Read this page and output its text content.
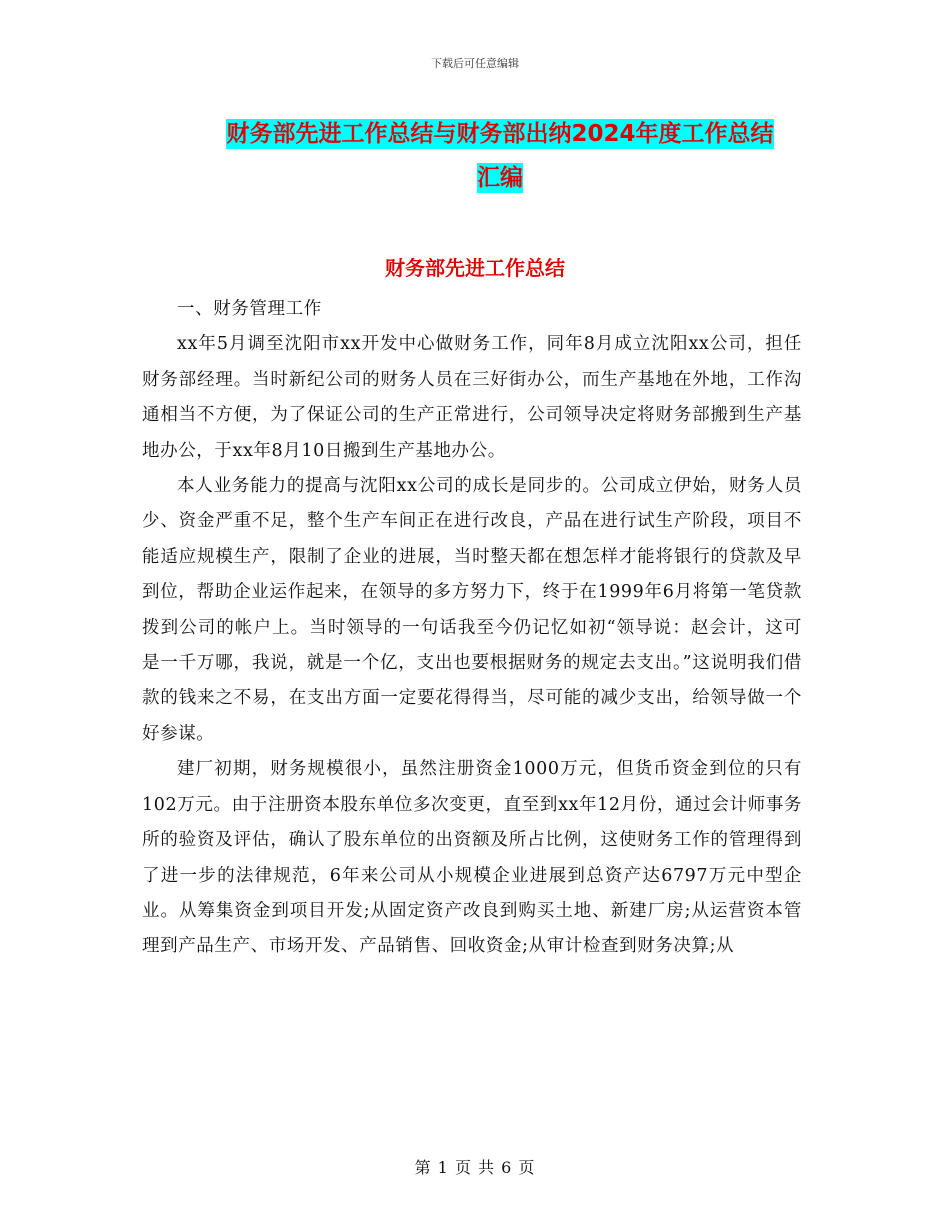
下载后可任意编辑
财务部先进工作总结与财务部出纳2024年度工作总结
汇编
财务部先进工作总结

一、财务管理工作

xx年5月调至沈阳市xx开发中心做财务工作，同年8月成立沈阳xx公司，担任财务部经理。当时新纪公司的财务人员在三好街办公，而生产基地在外地，工作沟通相当不方便，为了保证公司的生产正常进行，公司领导决定将财务部搬到生产基地办公，于xx年8月10日搬到生产基地办公。

本人业务能力的提高与沈阳xx公司的成长是同步的。公司成立伊始，财务人员少、资金严重不足，整个生产车间正在进行改良，产品在进行试生产阶段，项目不能适应规模生产，限制了企业的进展，当时整天都在想怎样才能将银行的贷款及早到位，帮助企业运作起来，在领导的多方努力下，终于在1999年6月将第一笔贷款拨到公司的帐户上。当时领导的一句话我至今仍记忆如初“领导说：赵会计，这可是一千万哪，我说，就是一个亿，支出也要根据财务的规定去支出。”这说明我们借款的钱来之不易，在支出方面一定要花得得当，尽可能的减少支出，给领导做一个好参谋。

建厂初期，财务规模很小，虽然注册资金1000万元，但货币资金到位的只有102万元。由于注册资本股东单位多次变更，直至到xx年12月份，通过会计师事务所的验资及评估，确认了股东单位的出资额及所占比例，这使财务工作的管理得到了进一步的法律规范，6年来公司从小规模企业进展到总资产达6797万元中型企业。从筹集资金到项目开发;从固定资产改良到购买土地、新建厂房;从运营资本管理到产品生产、市场开发、产品销售、回收资金;从审计检查到财务决算;从

第 1 页 共 6 页
